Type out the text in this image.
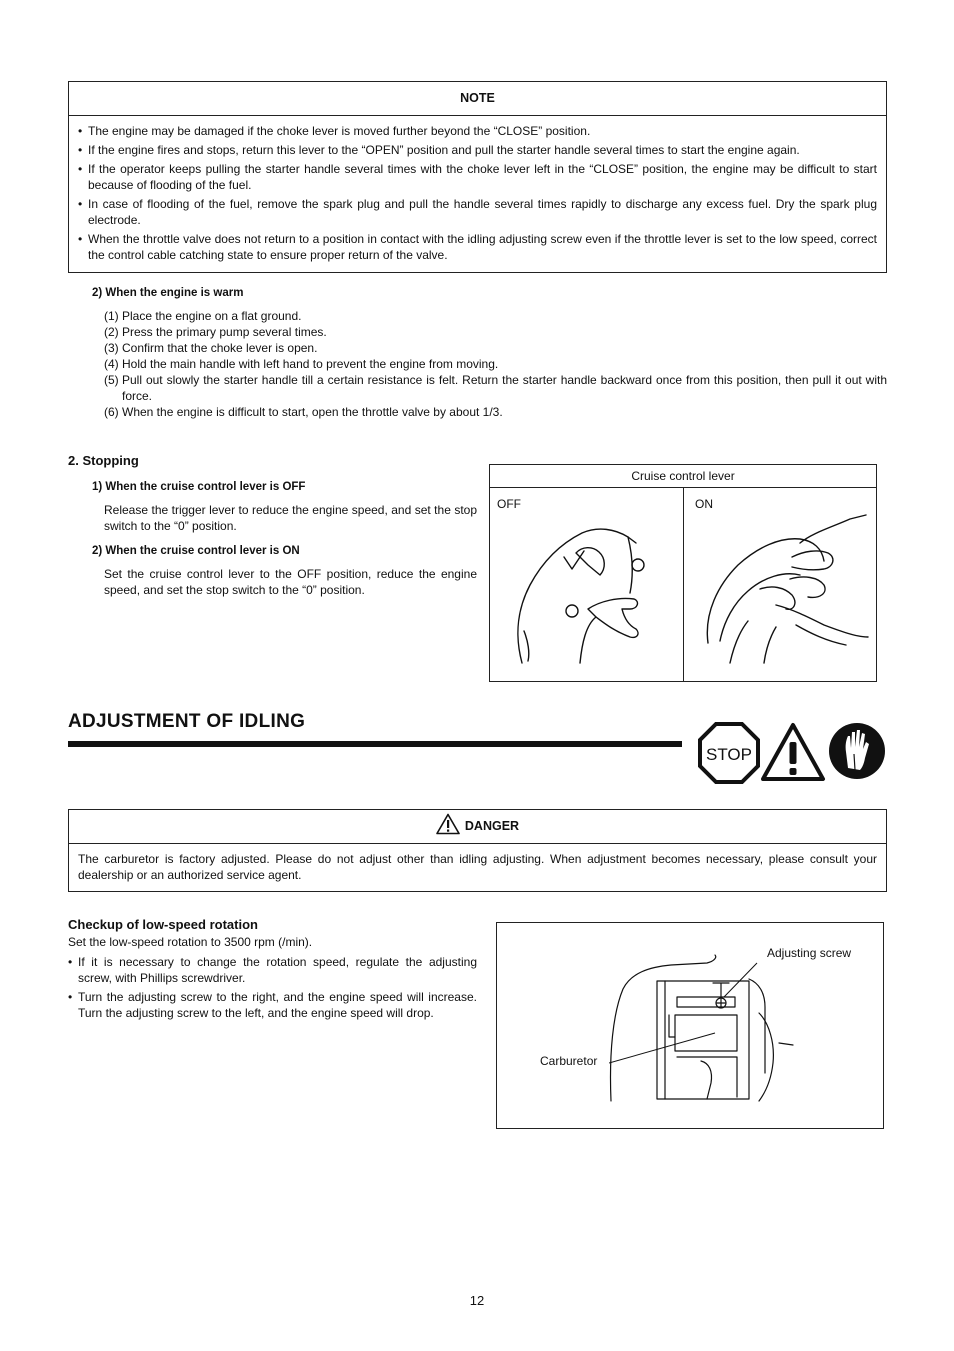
NOTE
• The engine may be damaged if the choke lever is moved further beyond the “CLOSE” position.
• If the engine fires and stops, return this lever to the “OPEN” position and pull the starter handle several times to start the engine again.
• If the operator keeps pulling the starter handle several times with the choke lever left in the “CLOSE” position, the engine may be difficult to start because of flooding of the fuel.
• In case of flooding of the fuel, remove the spark plug and pull the handle several times rapidly to discharge any excess fuel. Dry the spark plug electrode.
• When the throttle valve does not return to a position in contact with the idling adjusting screw even if the throttle lever is set to the low speed, correct the control cable catching state to ensure proper return of the valve.
2) When the engine is warm
(1) Place the engine on a flat ground.
(2) Press the primary pump several times.
(3) Confirm that the choke lever is open.
(4) Hold the main handle with left hand to prevent the engine from moving.
(5) Pull out slowly the starter handle till a certain resistance is felt. Return the starter handle backward once from this position, then pull it out with force.
(6) When the engine is difficult to start, open the throttle valve by about 1/3.
2. Stopping
1) When the cruise control lever is OFF
Release the trigger lever to reduce the engine speed, and set the stop switch to the “0” position.
2) When the cruise control lever is ON
Set the cruise control lever to the OFF position, reduce the engine speed, and set the stop switch to the “0” position.
Cruise control lever
OFF	ON
ADJUSTMENT OF IDLING
STOP
DANGER
The carburetor is factory adjusted. Please do not adjust other than idling adjusting. When adjustment becomes necessary, please consult your dealership or an authorized service agent.
Checkup of low-speed rotation
Set the low-speed rotation to 3500 rpm (/min).
• If it is necessary to change the rotation speed, regulate the adjusting screw, with Phillips screwdriver.
• Turn the adjusting screw to the right, and the engine speed will increase. Turn the adjusting screw to the left, and the engine speed will drop.
Adjusting screw
Carburetor
12
